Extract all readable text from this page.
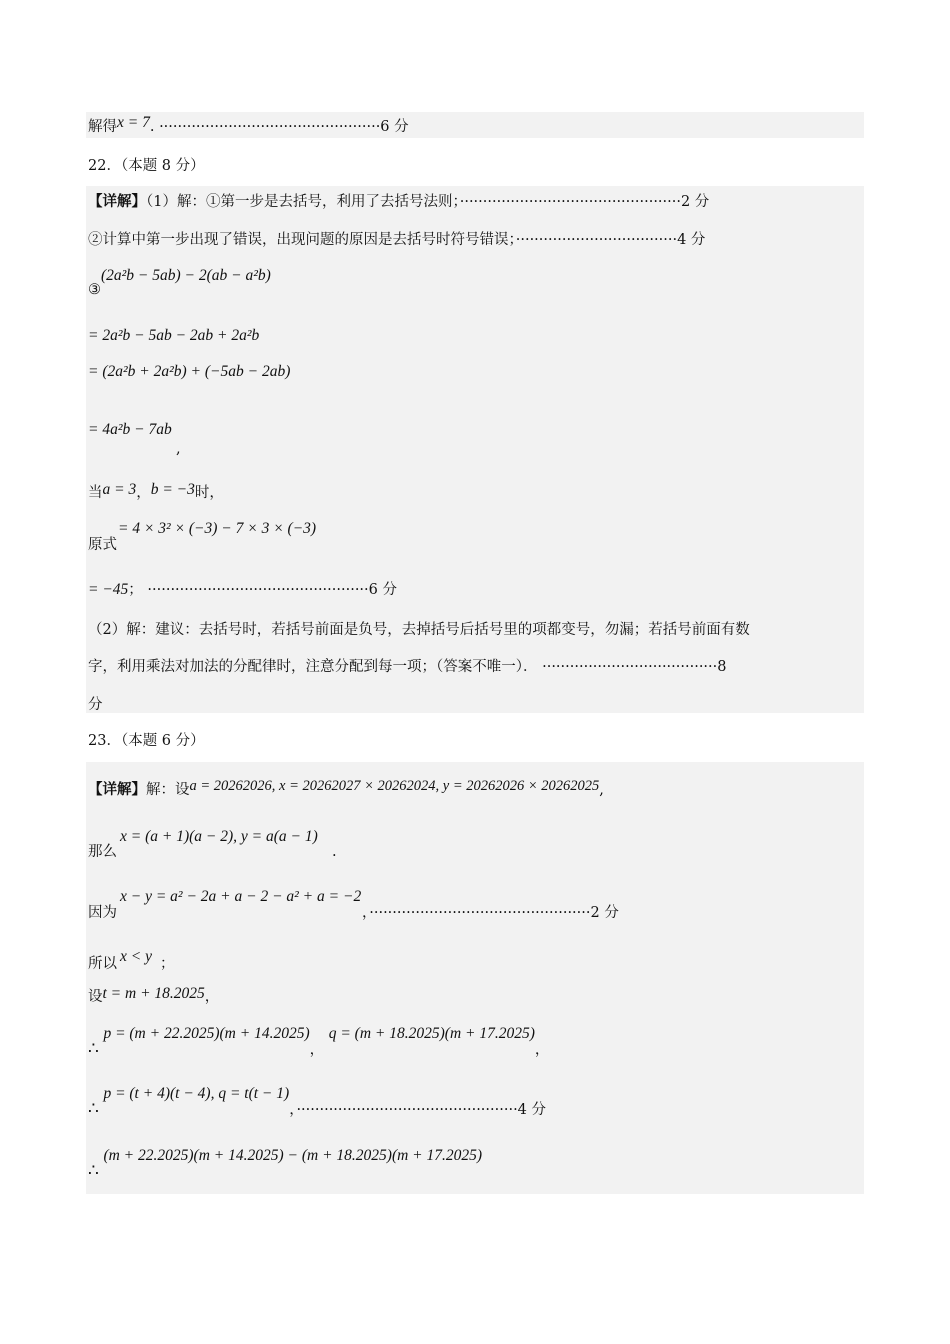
解得x = 7. ················································6 分
22．（本题 8 分）
【详解】（1）解：①第一步是去括号，利用了去括号法则；················································2 分
②计算中第一步出现了错误，出现问题的原因是去括号时符号错误；···································4 分
③(2a²b − 5ab) − 2(ab − a²b)
= 2a²b − 5ab − 2ab + 2a²b
= (2a²b + 2a²b) + (−5ab − 2ab)
= 4a²b − 7ab
,
当a = 3，b = −3时，
= 4 × 3² × (−3) − 7 × 3 × (−3)
原式
= −45； ················································6 分
（2）解：建议：去括号时，若括号前面是负号，去掉括号后括号里的项都变号，勿漏；若括号前面有数
字，利用乘法对加法的分配律时，注意分配到每一项；（答案不唯一）． ······································8
分
23．（本题 6 分）
【详解】解：设a = 20262026, x = 20262027 × 20262024, y = 20262026 × 20262025,
x = (a + 1)(a − 2), y = a(a − 1)
那么	.
x − y = a² − 2a + a − 2 − a² + a = −2
因为	，················································2 分
x < y
所以	；
设t = m + 18.2025，
∴ p = (m + 22.2025)(m + 14.2025)， q = (m + 18.2025)(m + 17.2025)，
∴ p = (t + 4)(t − 4), q = t(t − 1)，················································4 分
∴ (m + 22.2025)(m + 14.2025) − (m + 18.2025)(m + 17.2025)
